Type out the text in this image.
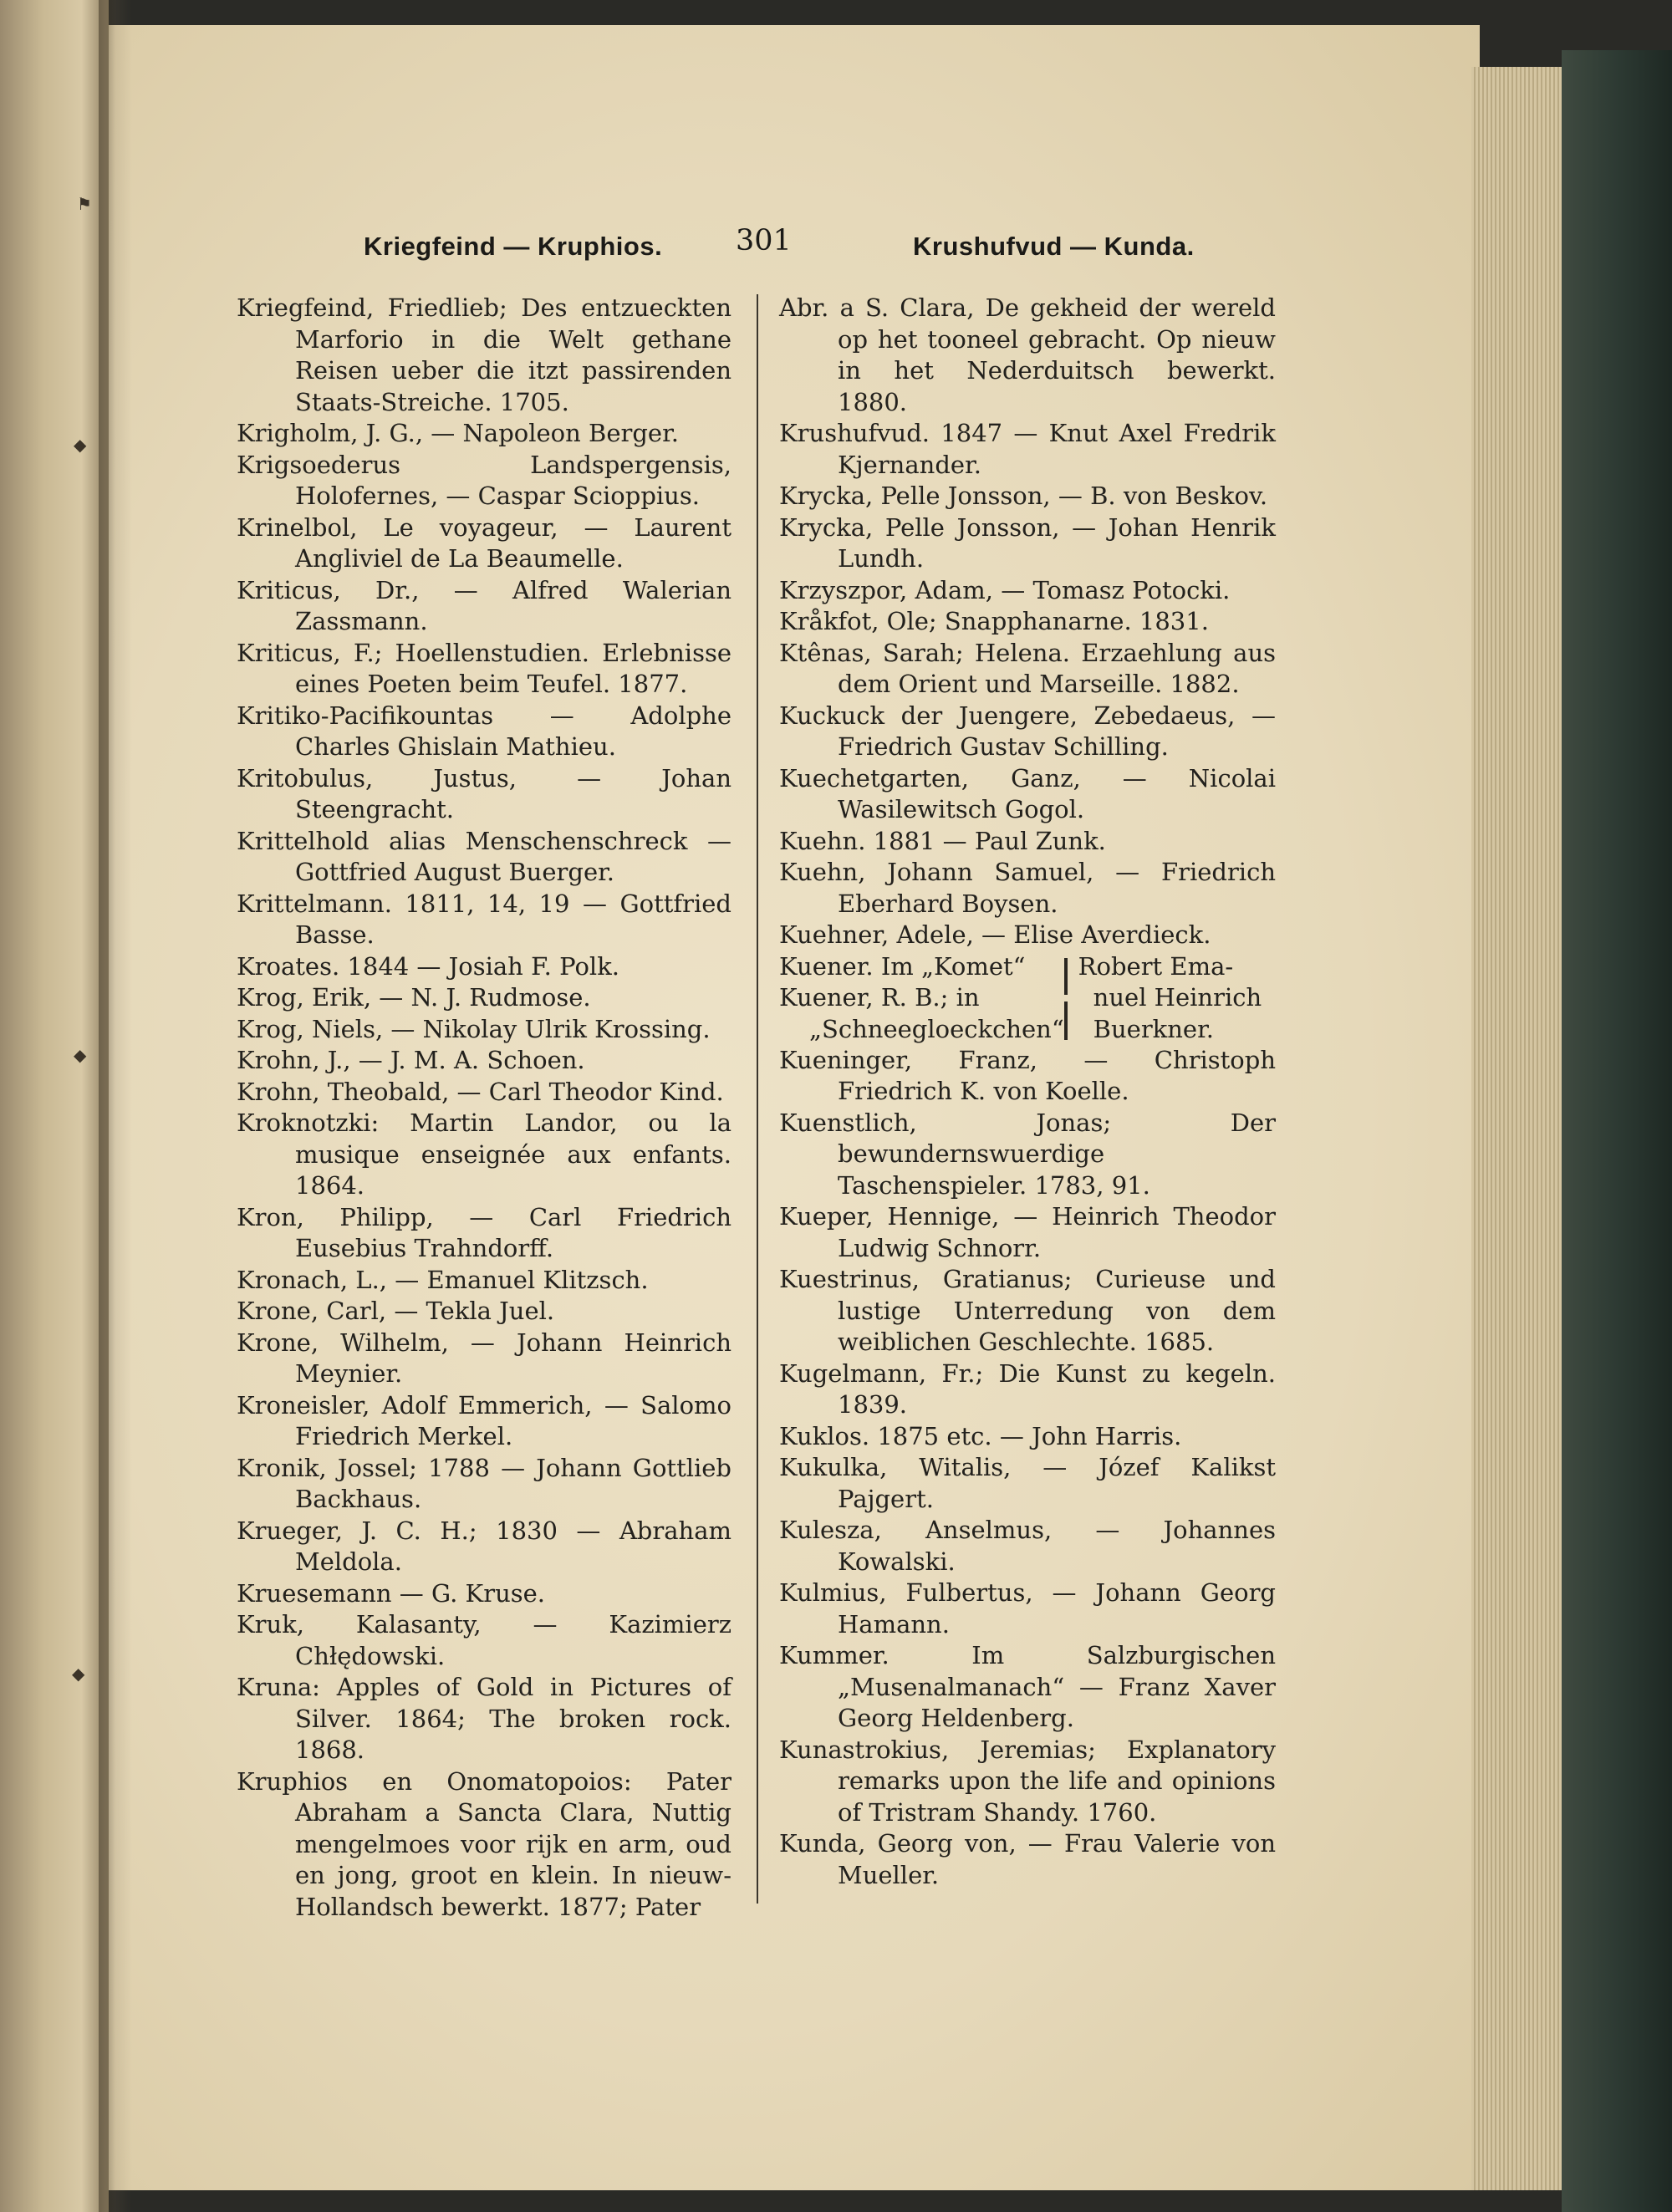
⚑
◆
◆
◆
Kriegfeind — Kruphios.	301	Krushufvud — Kunda.

Kriegfeind, Friedlieb; Des entzueckten Marforio in die Welt gethane Reisen ueber die itzt passirenden Staats-Streiche. 1705.

Krigholm, J. G., — Napoleon Berger.

Krigsoederus Landspergensis, Holofernes, — Caspar Scioppius.

Krinelbol, Le voyageur, — Laurent Angliviel de La Beaumelle.

Kriticus, Dr., — Alfred Walerian Zassmann.

Kriticus, F.; Hoellenstudien. Erlebnisse eines Poeten beim Teufel. 1877.

Kritiko-Pacifikountas — Adolphe Charles Ghislain Mathieu.

Kritobulus, Justus, — Johan Steengracht.

Krittelhold alias Menschenschreck — Gottfried August Buerger.

Krittelmann. 1811, 14, 19 — Gottfried Basse.

Kroates. 1844 — Josiah F. Polk.

Krog, Erik, — N. J. Rudmose.

Krog, Niels, — Nikolay Ulrik Krossing.

Krohn, J., — J. M. A. Schoen.

Krohn, Theobald, — Carl Theodor Kind.

Kroknotzki: Martin Landor, ou la musique enseignée aux enfants. 1864.

Kron, Philipp, — Carl Friedrich Eusebius Trahndorff.

Kronach, L., — Emanuel Klitzsch.

Krone, Carl, — Tekla Juel.

Krone, Wilhelm, — Johann Heinrich Meynier.

Kroneisler, Adolf Emmerich, — Salomo Friedrich Merkel.

Kronik, Jossel; 1788 — Johann Gottlieb Backhaus.

Krueger, J. C. H.; 1830 — Abraham Meldola.

Kruesemann — G. Kruse.

Kruk, Kalasanty, — Kazimierz Chłędowski.

Kruna: Apples of Gold in Pictures of Silver. 1864; The broken rock. 1868.

Kruphios en Onomatopoios: Pater Abraham a Sancta Clara, Nuttig mengelmoes voor rijk en arm, oud en jong, groot en klein. In nieuw-Hollandsch bewerkt. 1877; Pater

Abr. a S. Clara, De gekheid der wereld op het tooneel gebracht. Op nieuw in het Nederduitsch bewerkt. 1880.

Krushufvud. 1847 — Knut Axel Fredrik Kjernander.

Krycka, Pelle Jonsson, — B. von Beskov.

Krycka, Pelle Jonsson, — Johan Henrik Lundh.

Krzyszpor, Adam, — Tomasz Potocki.

Kråkfot, Ole; Snapphanarne. 1831.

Ktênas, Sarah; Helena. Erzaehlung aus dem Orient und Marseille. 1882.

Kuckuck der Juengere, Zebedaeus, — Friedrich Gustav Schilling.

Kuechetgarten, Ganz, — Nicolai Wasilewitsch Gogol.

Kuehn. 1881 — Paul Zunk.

Kuehn, Johann Samuel, — Friedrich Eberhard Boysen.

Kuehner, Adele, — Elise Averdieck.

Kuener. Im „Komet“
Kuener, R. B.; in
„Schneegloeckchen“
Robert Ema-
nuel Heinrich
Buerkner.

Kueninger, Franz, — Christoph Friedrich K. von Koelle.

Kuenstlich, Jonas; Der bewundernswuerdige Taschenspieler. 1783, 91.

Kueper, Hennige, — Heinrich Theodor Ludwig Schnorr.

Kuestrinus, Gratianus; Curieuse und lustige Unterredung von dem weiblichen Geschlechte. 1685.

Kugelmann, Fr.; Die Kunst zu kegeln. 1839.

Kuklos. 1875 etc. — John Harris.

Kukulka, Witalis, — Józef Kalikst Pajgert.

Kulesza, Anselmus, — Johannes Kowalski.

Kulmius, Fulbertus, — Johann Georg Hamann.

Kummer. Im Salzburgischen „Musenalmanach“ — Franz Xaver Georg Heldenberg.

Kunastrokius, Jeremias; Explanatory remarks upon the life and opinions of Tristram Shandy. 1760.

Kunda, Georg von, — Frau Valerie von Mueller.
